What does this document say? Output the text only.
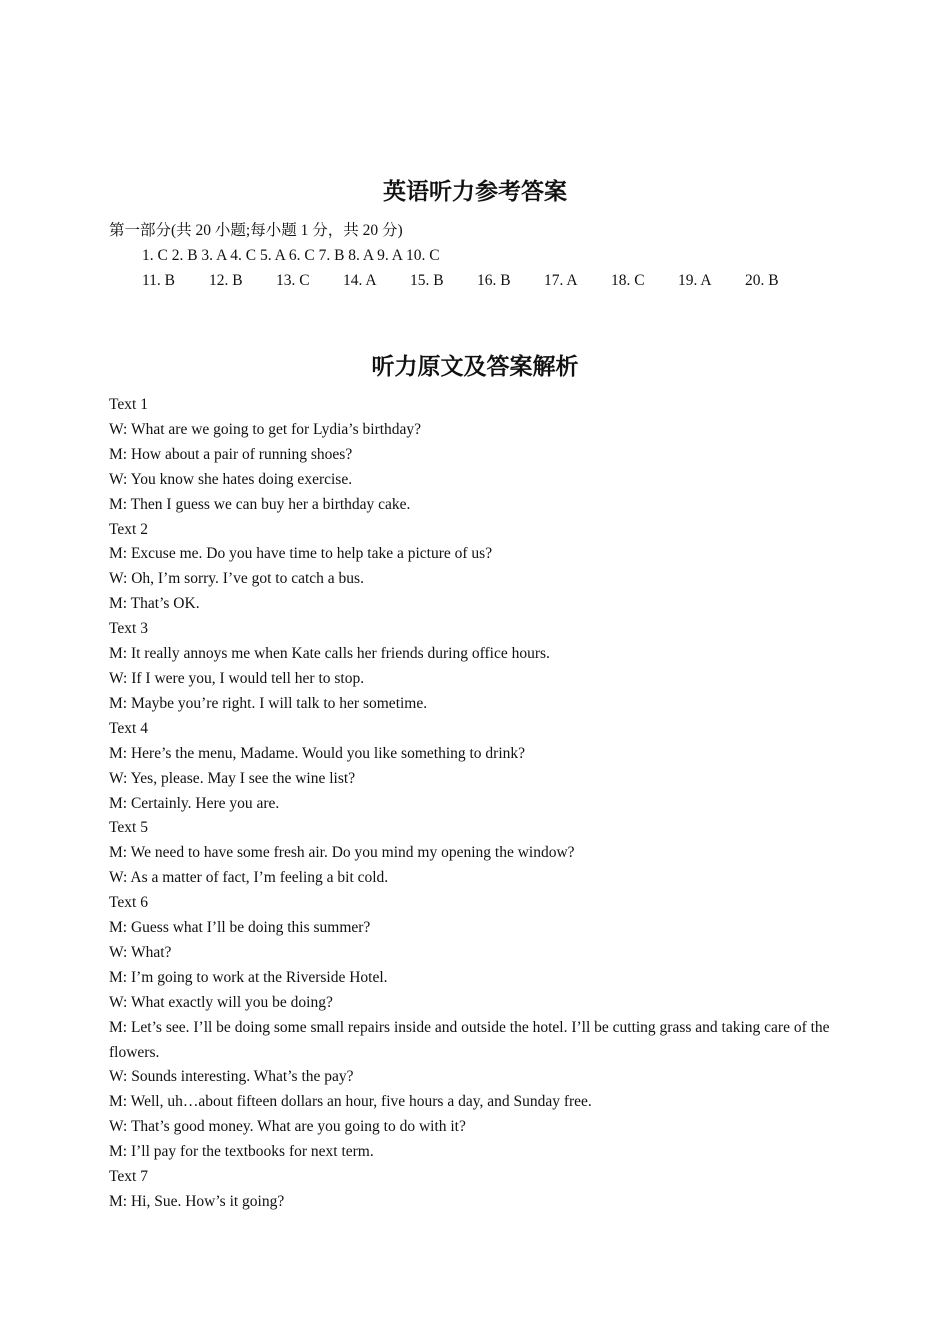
英语听力参考答案
第一部分(共 20 小题;每小题 1 分，共 20 分)
1. C 2. B 3. A 4. C 5. A 6. C 7. B 8. A 9. A 10. C
11. B	12. B	13. C	14. A	15. B	16. B	17. A	18. C	19. A	20. B
听力原文及答案解析

Text 1

W: What are we going to get for Lydia’s birthday?

M: How about a pair of running shoes?

W: You know she hates doing exercise.

M: Then I guess we can buy her a birthday cake.

Text 2

M: Excuse me. Do you have time to help take a picture of us?

W: Oh, I’m sorry. I’ve got to catch a bus.

M: That’s OK.

Text 3

M: It really annoys me when Kate calls her friends during office hours.

W: If I were you, I would tell her to stop.

M: Maybe you’re right. I will talk to her sometime.

Text 4

M: Here’s the menu, Madame. Would you like something to drink?

W: Yes, please. May I see the wine list?

M: Certainly. Here you are.

Text 5

M: We need to have some fresh air. Do you mind my opening the window?

W: As a matter of fact, I’m feeling a bit cold.

Text 6

M: Guess what I’ll be doing this summer?

W: What?

M: I’m going to work at the Riverside Hotel.

W: What exactly will you be doing?

M: Let’s see. I’ll be doing some small repairs inside and outside the hotel. I’ll be cutting grass and taking care of the flowers.

W: Sounds interesting. What’s the pay?

M: Well, uh…about fifteen dollars an hour, five hours a day, and Sunday free.

W: That’s good money. What are you going to do with it?

M: I’ll pay for the textbooks for next term.

Text 7

M: Hi, Sue. How’s it going?
